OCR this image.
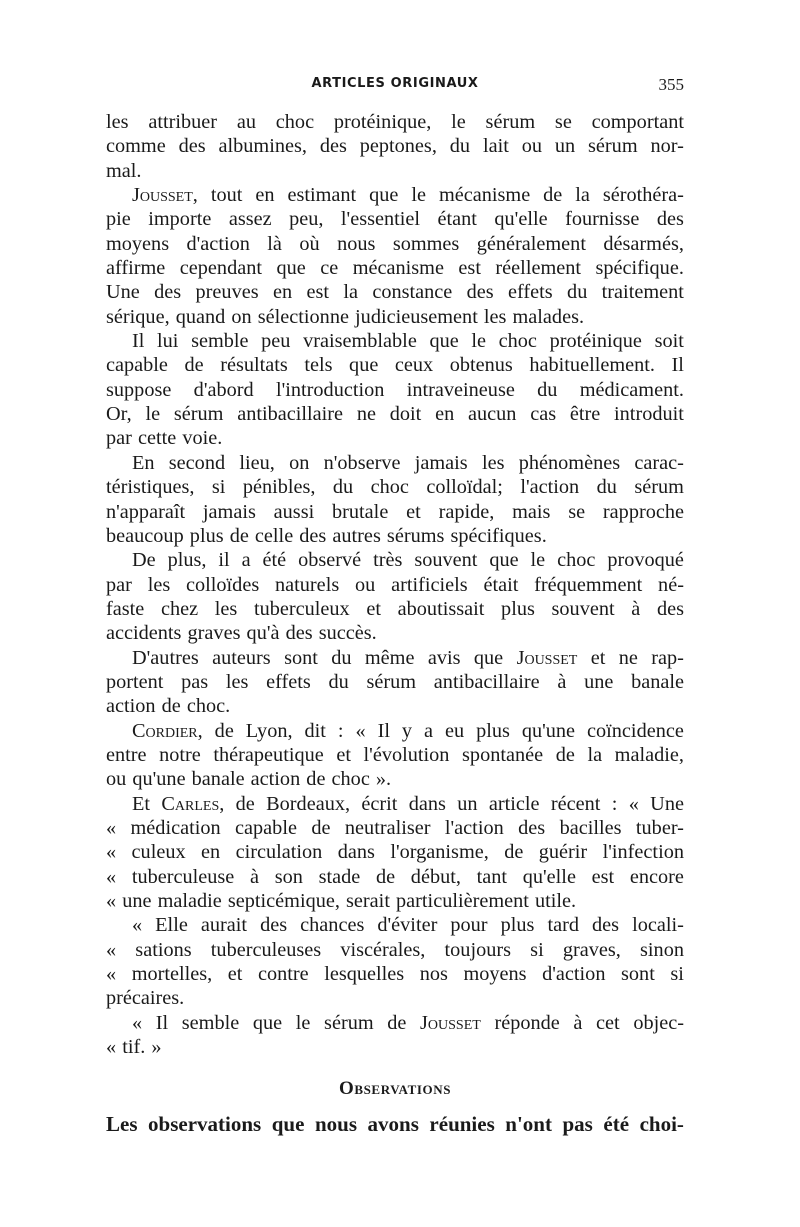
ARTICLES ORIGINAUX	355
les attribuer au choc protéinique, le sérum se comportant
comme des albumines, des peptones, du lait ou un sérum nor-
mal.
Jousset, tout en estimant que le mécanisme de la sérothéra-
pie importe assez peu, l'essentiel étant qu'elle fournisse des
moyens d'action là où nous sommes généralement désarmés,
affirme cependant que ce mécanisme est réellement spécifique.
Une des preuves en est la constance des effets du traitement
sérique, quand on sélectionne judicieusement les malades.
Il lui semble peu vraisemblable que le choc protéinique soit
capable de résultats tels que ceux obtenus habituellement. Il
suppose d'abord l'introduction intraveineuse du médicament.
Or, le sérum antibacillaire ne doit en aucun cas être introduit
par cette voie.
En second lieu, on n'observe jamais les phénomènes carac-
téristiques, si pénibles, du choc colloïdal; l'action du sérum
n'apparaît jamais aussi brutale et rapide, mais se rapproche
beaucoup plus de celle des autres sérums spécifiques.
De plus, il a été observé très souvent que le choc provoqué
par les colloïdes naturels ou artificiels était fréquemment né-
faste chez les tuberculeux et aboutissait plus souvent à des
accidents graves qu'à des succès.
D'autres auteurs sont du même avis que Jousset et ne rap-
portent pas les effets du sérum antibacillaire à une banale
action de choc.
Cordier, de Lyon, dit : « Il y a eu plus qu'une coïncidence
entre notre thérapeutique et l'évolution spontanée de la maladie,
ou qu'une banale action de choc ».
Et Carles, de Bordeaux, écrit dans un article récent : « Une
« médication capable de neutraliser l'action des bacilles tuber-
« culeux en circulation dans l'organisme, de guérir l'infection
« tuberculeuse à son stade de début, tant qu'elle est encore
« une maladie septicémique, serait particulièrement utile.
« Elle aurait des chances d'éviter pour plus tard des locali-
« sations tuberculeuses viscérales, toujours si graves, sinon
« mortelles, et contre lesquelles nos moyens d'action sont si
précaires.
« Il semble que le sérum de Jousset réponde à cet objec-
« tif. »
Observations
Les observations que nous avons réunies n'ont pas été choi-
